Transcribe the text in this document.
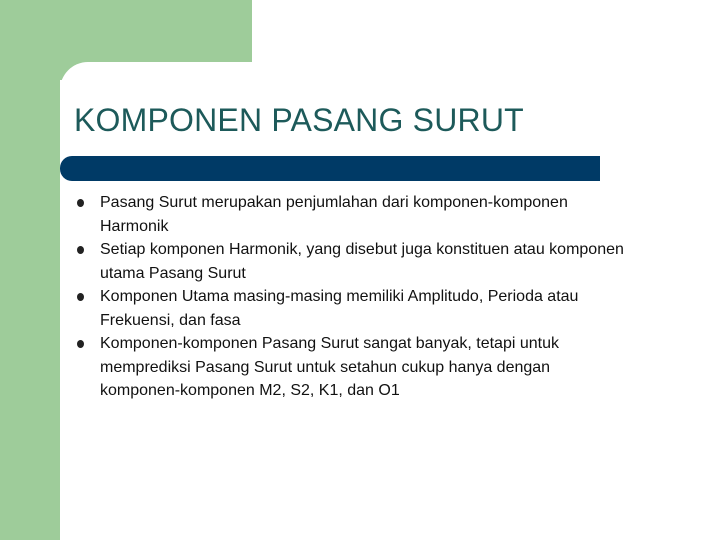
KOMPONEN PASANG SURUT
Pasang Surut merupakan penjumlahan dari komponen-komponen Harmonik
Setiap komponen Harmonik, yang disebut juga konstituen atau komponen utama Pasang Surut
Komponen Utama masing-masing memiliki Amplitudo, Perioda atau Frekuensi, dan fasa
Komponen-komponen Pasang Surut sangat banyak, tetapi untuk memprediksi Pasang Surut untuk setahun cukup hanya dengan komponen-komponen M2, S2, K1, dan O1
